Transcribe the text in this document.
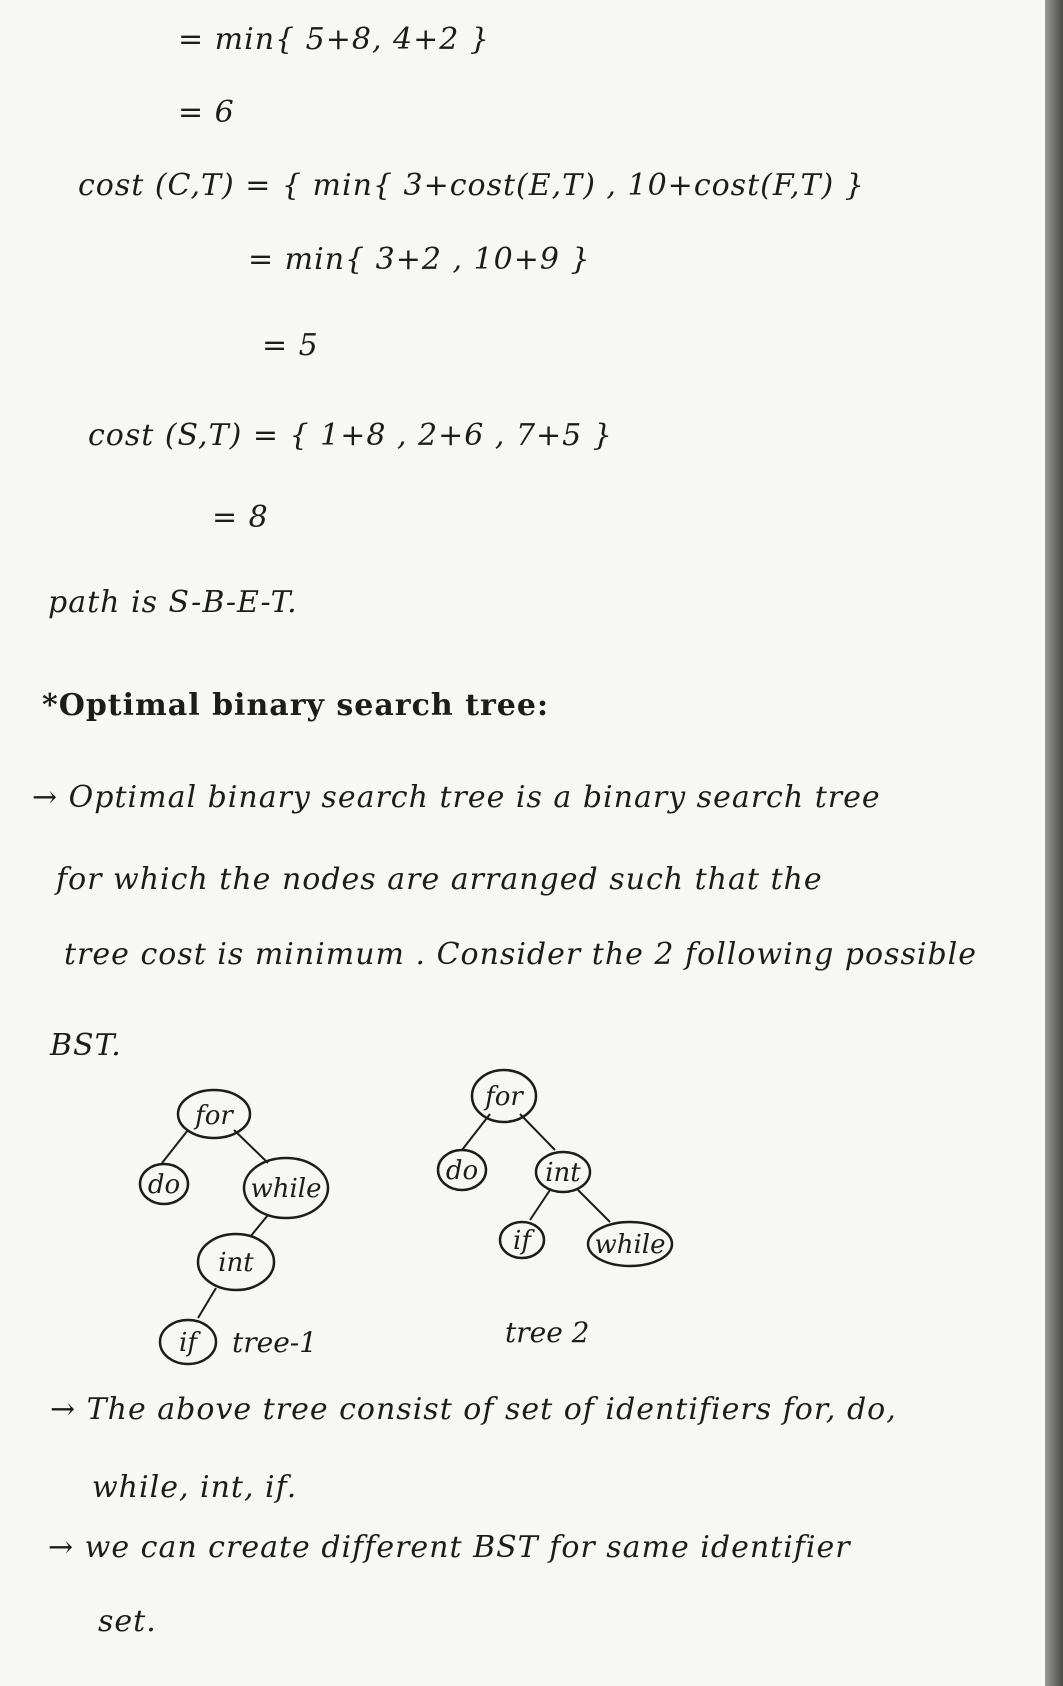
= min{ 5+8, 4+2 }
= 6
cost (C,T) = { min{ 3+cost(E,T) , 10+cost(F,T) }
= min{ 3+2 , 10+9 }
= 5
cost (S,T) = { 1+8 , 2+6 , 7+5 }
= 8
path is S-B-E-T.
*Optimal binary search tree:
→ Optimal binary search tree is a binary search tree
for which the nodes are arranged such that the
tree cost is minimum . Consider the 2 following possible
BST.
for
do	while
int
if
for
do	int
if while
tree-1	tree 2
→ The above tree consist of set of identifiers for, do,
while, int, if.
→ we can create different BST for same identifier
set.
